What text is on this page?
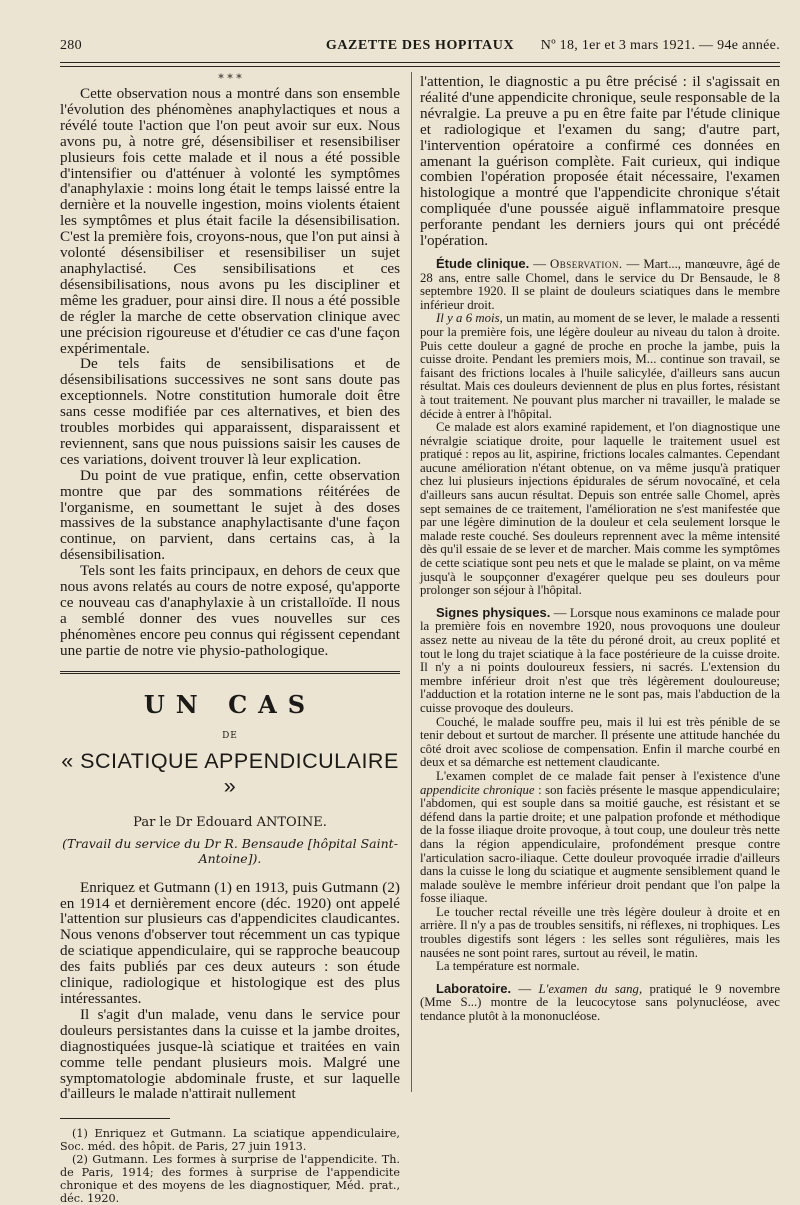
280	GAZETTE DES HOPITAUX	Nº 18, 1er et 3 mars 1921. — 94e année.
* * *

Cette observation nous a montré dans son ensemble l'évolution des phénomènes anaphylactiques et nous a révélé toute l'action que l'on peut avoir sur eux. Nous avons pu, à notre gré, désensibiliser et resensibiliser plusieurs fois cette malade et il nous a été possible d'intensifier ou d'atténuer à volonté les symptômes d'anaphylaxie : moins long était le temps laissé entre la dernière et la nouvelle ingestion, moins violents étaient les symptômes et plus était facile la désensibilisation. C'est la première fois, croyons-nous, que l'on put ainsi à volonté désensibiliser et resensibiliser un sujet anaphylactisé. Ces sensibilisations et ces désensibilisations, nous avons pu les discipliner et même les graduer, pour ainsi dire. Il nous a été possible de régler la marche de cette observation clinique avec une précision rigoureuse et d'étudier ce cas d'une façon expérimentale.

De tels faits de sensibilisations et de désensibilisations successives ne sont sans doute pas exceptionnels. Notre constitution humorale doit être sans cesse modifiée par ces alternatives, et bien des troubles morbides qui apparaissent, disparaissent et reviennent, sans que nous puissions saisir les causes de ces variations, doivent trouver là leur explication.

Du point de vue pratique, enfin, cette observation montre que par des sommations réitérées de l'organisme, en soumettant le sujet à des doses massives de la substance anaphylactisante d'une façon continue, on parvient, dans certains cas, à la désensibilisation.

Tels sont les faits principaux, en dehors de ceux que nous avons relatés au cours de notre exposé, qu'apporte ce nouveau cas d'anaphylaxie à un cristalloïde. Il nous a semblé donner des vues nouvelles sur ces phénomènes encore peu connus qui régissent cependant une partie de notre vie physio-pathologique.

UN CAS
DE
« SCIATIQUE APPENDICULAIRE »
Par le Dr Edouard ANTOINE.
(Travail du service du Dr R. Bensaude [hôpital Saint-Antoine]).

Enriquez et Gutmann (1) en 1913, puis Gutmann (2) en 1914 et dernièrement encore (déc. 1920) ont appelé l'attention sur plusieurs cas d'appendicites claudicantes. Nous venons d'observer tout récemment un cas typique de sciatique appendiculaire, qui se rapproche beaucoup des faits publiés par ces deux auteurs : son étude clinique, radiologique et histologique est des plus intéressantes.

Il s'agit d'un malade, venu dans le service pour douleurs persistantes dans la cuisse et la jambe droites, diagnostiquées jusque-là sciatique et traitées en vain comme telle pendant plusieurs mois. Malgré une symptomatologie abdominale fruste, et sur laquelle d'ailleurs le malade n'attirait nullement

(1) Enriquez et Gutmann. La sciatique appendiculaire, Soc. méd. des hôpit. de Paris, 27 juin 1913.

(2) Gutmann. Les formes à surprise de l'appendicite. Th. de Paris, 1914; des formes à surprise de l'appendicite chronique et des moyens de les diagnostiquer, Méd. prat., déc. 1920.

l'attention, le diagnostic a pu être précisé : il s'agissait en réalité d'une appendicite chronique, seule responsable de la névralgie. La preuve a pu en être faite par l'étude clinique et radiologique et l'examen du sang; d'autre part, l'intervention opératoire a confirmé ces données en amenant la guérison complète. Fait curieux, qui indique combien l'opération proposée était nécessaire, l'examen histologique a montré que l'appendicite chronique s'était compliquée d'une poussée aiguë inflammatoire presque perforante pendant les derniers jours qui ont précédé l'opération.

Étude clinique. — Observation. — Mart..., manœuvre, âgé de 28 ans, entre salle Chomel, dans le service du Dr Bensaude, le 8 septembre 1920. Il se plaint de douleurs sciatiques dans le membre inférieur droit.

Il y a 6 mois, un matin, au moment de se lever, le malade a ressenti pour la première fois, une légère douleur au niveau du talon à droite. Puis cette douleur a gagné de proche en proche la jambe, puis la cuisse droite. Pendant les premiers mois, M... continue son travail, se faisant des frictions locales à l'huile salicylée, d'ailleurs sans aucun résultat. Mais ces douleurs deviennent de plus en plus fortes, résistant à tout traitement. Ne pouvant plus marcher ni travailler, le malade se décide à entrer à l'hôpital.

Ce malade est alors examiné rapidement, et l'on diagnostique une névralgie sciatique droite, pour laquelle le traitement usuel est pratiqué : repos au lit, aspirine, frictions locales calmantes. Cependant aucune amélioration n'étant obtenue, on va même jusqu'à pratiquer chez lui plusieurs injections épidurales de sérum novocaïné, et cela d'ailleurs sans aucun résultat. Depuis son entrée salle Chomel, après sept semaines de ce traitement, l'amélioration ne s'est manifestée que par une légère diminution de la douleur et cela seulement lorsque le malade reste couché. Ses douleurs reprennent avec la même intensité dès qu'il essaie de se lever et de marcher. Mais comme les symptômes de cette sciatique sont peu nets et que le malade se plaint, on va même jusqu'à le soupçonner d'exagérer quelque peu ses douleurs pour prolonger son séjour à l'hôpital.

Signes physiques. — Lorsque nous examinons ce malade pour la première fois en novembre 1920, nous provoquons une douleur assez nette au niveau de la tête du péroné droit, au creux poplité et tout le long du trajet sciatique à la face postérieure de la cuisse droite. Il n'y a ni points douloureux fessiers, ni sacrés. L'extension du membre inférieur droit n'est que très légèrement douloureuse; l'adduction et la rotation interne ne le sont pas, mais l'abduction de la cuisse provoque des douleurs.

Couché, le malade souffre peu, mais il lui est très pénible de se tenir debout et surtout de marcher. Il présente une attitude hanchée du côté droit avec scoliose de compensation. Enfin il marche courbé en deux et sa démarche est nettement claudicante.

L'examen complet de ce malade fait penser à l'existence d'une appendicite chronique : son faciès présente le masque appendiculaire; l'abdomen, qui est souple dans sa moitié gauche, est résistant et se défend dans la partie droite; et une palpation profonde et méthodique de la fosse iliaque droite provoque, à tout coup, une douleur très nette dans la région appendiculaire, profondément presque contre l'articulation sacro-iliaque. Cette douleur provoquée irradie d'ailleurs dans la cuisse le long du sciatique et augmente sensiblement quand le malade soulève le membre inférieur droit pendant que l'on palpe la fosse iliaque.

Le toucher rectal réveille une très légère douleur à droite et en arrière. Il n'y a pas de troubles sensitifs, ni réflexes, ni trophiques. Les troubles digestifs sont légers : les selles sont régulières, mais les nausées ne sont point rares, surtout au réveil, le matin.

La température est normale.

Laboratoire. — L'examen du sang, pratiqué le 9 novembre (Mme S...) montre de la leucocytose sans polynucléose, avec tendance plutôt à la mononucléose.
